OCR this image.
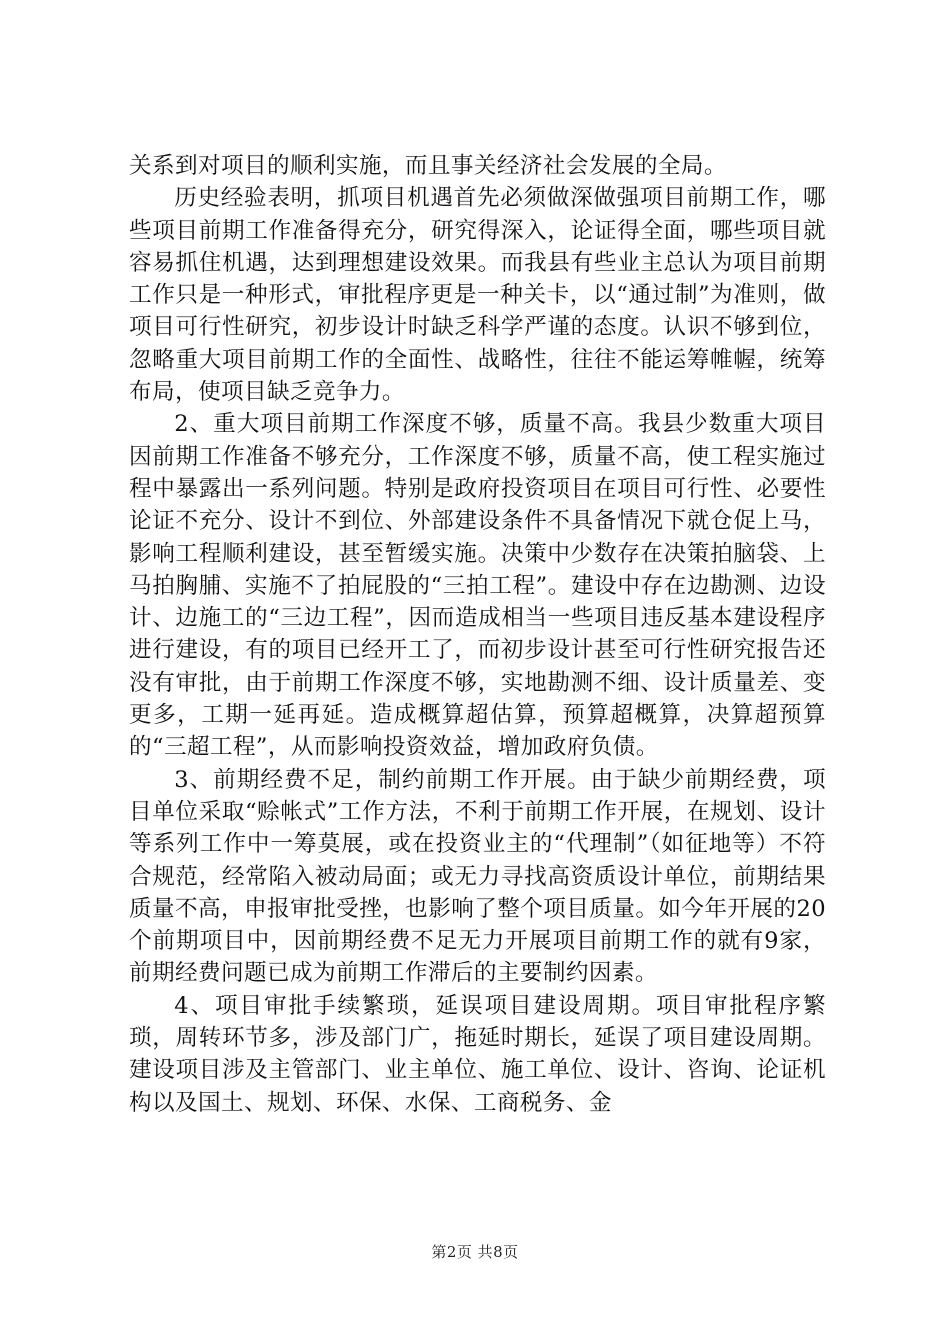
关系到对项目的顺利实施，而且事关经济社会发展的全局。

历史经验表明，抓项目机遇首先必须做深做强项目前期工作，哪些项目前期工作准备得充分，研究得深入，论证得全面，哪些项目就容易抓住机遇，达到理想建设效果。而我县有些业主总认为项目前期工作只是一种形式，审批程序更是一种关卡，以“通过制”为准则，做项目可行性研究，初步设计时缺乏科学严谨的态度。认识不够到位，忽略重大项目前期工作的全面性、战略性，往往不能运筹帷幄，统筹布局，使项目缺乏竞争力。

2、重大项目前期工作深度不够，质量不高。我县少数重大项目因前期工作准备不够充分，工作深度不够，质量不高，使工程实施过程中暴露出一系列问题。特别是政府投资项目在项目可行性、必要性论证不充分、设计不到位、外部建设条件不具备情况下就仓促上马，影响工程顺利建设，甚至暂缓实施。决策中少数存在决策拍脑袋、上马拍胸脯、实施不了拍屁股的“三拍工程”。建设中存在边勘测、边设计、边施工的“三边工程”，因而造成相当一些项目违反基本建设程序进行建设，有的项目已经开工了，而初步设计甚至可行性研究报告还没有审批，由于前期工作深度不够，实地勘测不细、设计质量差、变更多，工期一延再延。造成概算超估算，预算超概算，决算超预算的“三超工程”，从而影响投资效益，增加政府负债。

3、前期经费不足，制约前期工作开展。由于缺少前期经费，项目单位采取“赊帐式”工作方法，不利于前期工作开展，在规划、设计等系列工作中一筹莫展，或在投资业主的“代理制”（如征地等）不符合规范，经常陷入被动局面；或无力寻找高资质设计单位，前期结果质量不高，申报审批受挫，也影响了整个项目质量。如今年开展的20个前期项目中，因前期经费不足无力开展项目前期工作的就有9家，前期经费问题已成为前期工作滞后的主要制约因素。

4、项目审批手续繁琐，延误项目建设周期。项目审批程序繁琐，周转环节多，涉及部门广，拖延时期长，延误了项目建设周期。建设项目涉及主管部门、业主单位、施工单位、设计、咨询、论证机构以及国土、规划、环保、水保、工商税务、金

第2页 共8页
